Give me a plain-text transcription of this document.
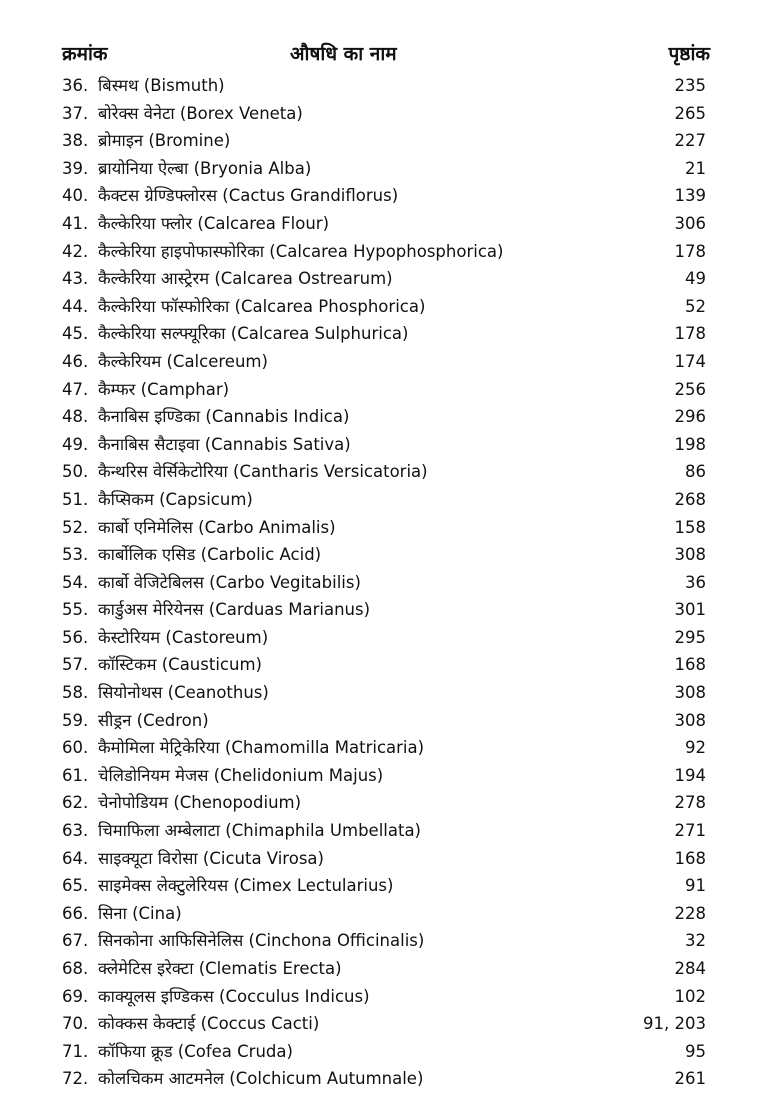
क्रमांक	औषधि का नाम	पृष्ठांक
36. बिस्मथ (Bismuth)	235
37. बोरेक्स वेनेटा (Borex Veneta)	265
38. ब्रोमाइन (Bromine)	227
39. ब्रायोनिया ऐल्बा (Bryonia Alba)	21
40. कैक्टस ग्रेण्डिफ्लोरस (Cactus Grandiflorus)	139
41. कैल्केरिया फ्लोर (Calcarea Flour)	306
42. कैल्केरिया हाइपोफास्फोरिका (Calcarea Hypophosphorica)	178
43. कैल्केरिया आस्ट्रेरम (Calcarea Ostrearum)	49
44. कैल्केरिया फॉस्फोरिका (Calcarea Phosphorica)	52
45. कैल्केरिया सल्फ्यूरिका (Calcarea Sulphurica)	178
46. कैल्केरियम (Calcereum)	174
47. कैम्फर (Camphar)	256
48. कैनाबिस इण्डिका (Cannabis Indica)	296
49. कैनाबिस सैटाइवा (Cannabis Sativa)	198
50. कैन्थरिस वेर्सिकेटोरिया (Cantharis Versicatoria)	86
51. कैप्सिकम (Capsicum)	268
52. कार्बो एनिमेलिस (Carbo Animalis)	158
53. कार्बोलिक एसिड (Carbolic Acid)	308
54. कार्बो वेजिटेबिलस (Carbo Vegitabilis)	36
55. कार्डुअस मेरियेनस (Carduas Marianus)	301
56. केस्टोरियम (Castoreum)	295
57. कॉस्टिकम (Causticum)	168
58. सियोनोथस (Ceanothus)	308
59. सीड्रन (Cedron)	308
60. कैमोमिला मेट्रिकेरिया (Chamomilla Matricaria)	92
61. चेलिडोनियम मेजस (Chelidonium Majus)	194
62. चेनोपोडियम (Chenopodium)	278
63. चिमाफिला अम्बेलाटा (Chimaphila Umbellata)	271
64. साइक्यूटा विरोसा (Cicuta Virosa)	168
65. साइमेक्स लेक्टुलेरियस (Cimex Lectularius)	91
66. सिना (Cina)	228
67. सिनकोना आफिसिनेलिस (Cinchona Officinalis)	32
68. क्लेमेटिस इरेक्टा (Clematis Erecta)	284
69. काक्यूलस इण्डिकस (Cocculus Indicus)	102
70. कोक्कस केक्टाई (Coccus Cacti)	91, 203
71. कॉफिया क्रूड (Cofea Cruda)	95
72. कोलचिकम आटमनेल (Colchicum Autumnale)	261
